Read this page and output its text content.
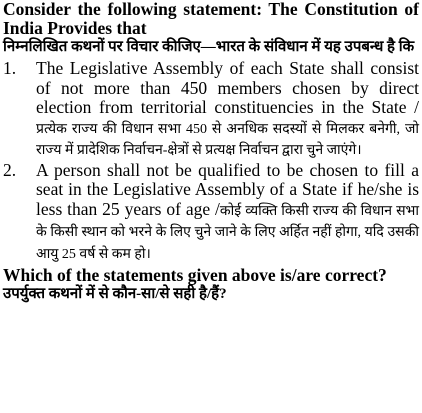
Consider the following statement: The Constitution of India Provides that

निम्नलिखित कथनों पर विचार कीजिए—भारत के संविधान में यह उपबन्ध है कि

1.	The Legislative Assembly of each State shall consist of not more than 450 members chosen by direct election from territorial constituencies in the State /प्रत्येक राज्य की विधान सभा 450 से अनधिक सदस्यों से मिलकर बनेगी, जो राज्य में प्रादेशिक निर्वाचन-क्षेत्रों से प्रत्यक्ष निर्वाचन द्वारा चुने जाएंगे।
2.	A person shall not be qualified to be chosen to fill a seat in the Legislative Assembly of a State if he/she is less than 25 years of age /कोई व्यक्ति किसी राज्य की विधान सभा के किसी स्थान को भरने के लिए चुने जाने के लिए अर्हित नहीं होगा, यदि उसकी आयु 25 वर्ष से कम हो।

Which of the statements given above is/are correct?

उपर्युक्त कथनों में से कौन-सा/से सही है/हैं?
